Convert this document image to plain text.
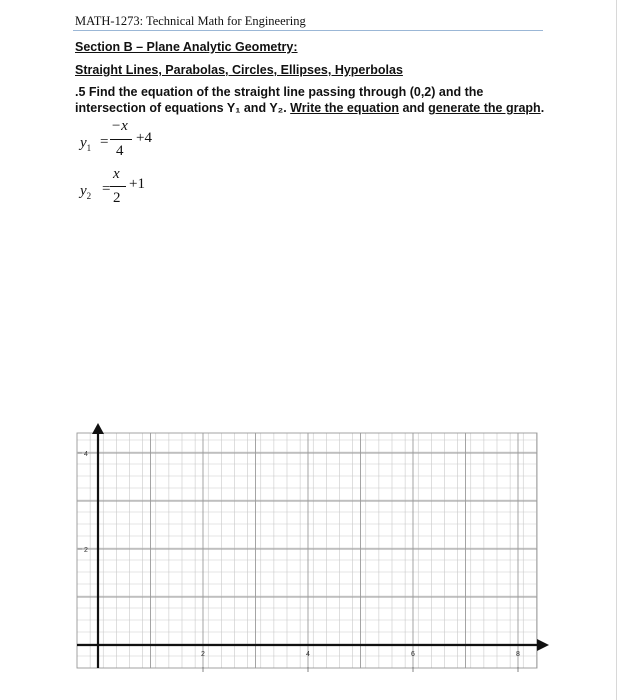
MATH-1273: Technical Math for Engineering
Section B – Plane Analytic Geometry:
Straight Lines, Parabolas, Circles, Ellipses, Hyperbolas
.5 Find the equation of the straight line passing through (0,2) and the
intersection of equations Y₁ and Y₂. Write the equation and generate the graph.
$y_1$ =
−x
4
+4
$y_2$ =
x
2
+1
2	4	6	8
2
4
